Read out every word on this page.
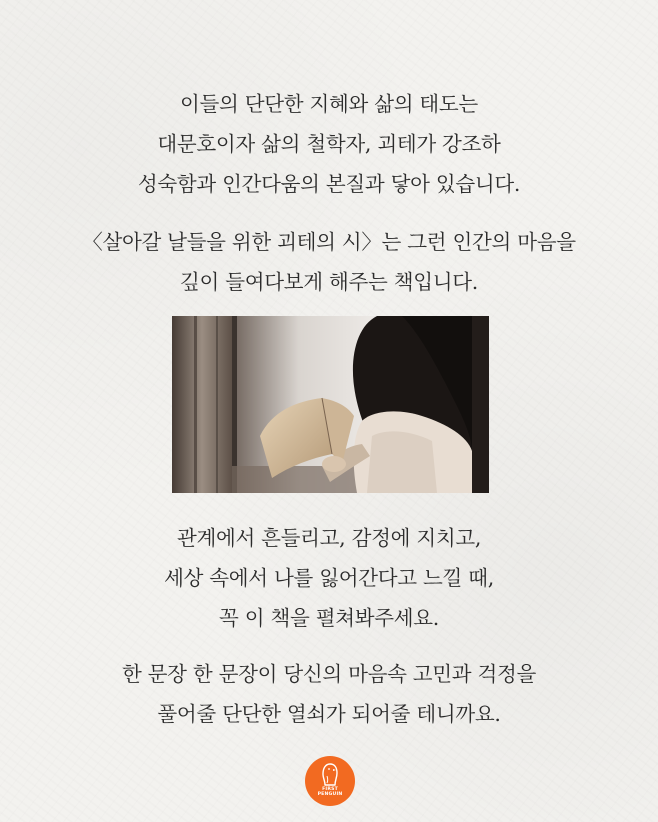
이들의 단단한 지혜와 삶의 태도는

대문호이자 삶의 철학자, 괴테가 강조하

성숙함과 인간다움의 본질과 닿아 있습니다.

〈살아갈 날들을 위한 괴테의 시〉는 그런 인간의 마음을

깊이 들여다보게 해주는 책입니다.

관계에서 흔들리고, 감정에 지치고,

세상 속에서 나를 잃어간다고 느낄 때,

꼭 이 책을 펼쳐봐주세요.

한 문장 한 문장이 당신의 마음속 고민과 걱정을

풀어줄 단단한 열쇠가 되어줄 테니까요.

FIRST
PENGUIN
